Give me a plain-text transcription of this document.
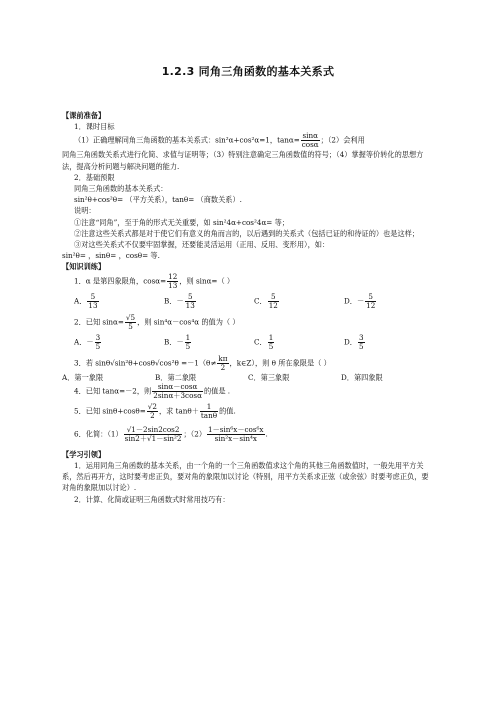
1.2.3 同角三角函数的基本关系式

【课前准备】

1．课时目标

（1）正确理解同角三角函数的基本关系式：sin²α+cos²α=1，$\tan\alpha= \frac{\sin\alpha}{\cos\alpha}$ ；（2）会利用

同角三角函数关系式进行化简、求值与证明等；（3）特别注意确定三角函数值的符号；（4）掌握等价转化的思想方法，提高分析问题与解决问题的能力.

2．基础预限

同角三角函数的基本关系式：

sin²θ+cos²θ= （平方关系），tanθ= （商数关系）.

说明：

①注意“同角”，至于角的形式无关重要，如 sin²4α+cos²4α= 等；

②注意这些关系式都是对于使它们有意义的角而言的，以后遇到的关系式（包括已证的和待证的）也是这样；

③对这些关系式不仅要牢固掌握，还要能灵活运用（正用、反用、变形用），如：

sin²θ= ，sinθ= ，cosθ= 等.

【知识训练】

1．α 是第四象限角，$\cos\alpha= \frac{12}{13}$ ，则 sinα=（ ）

A． $\frac{5}{13}$	B．－ $\frac{5}{13}$	C． $\frac{5}{12}$	D．－ $\frac{5}{12}$

2．已知 $\sin\alpha= \frac{√5}{5}$ ，则 sin⁴α－cos⁴α 的值为（ ）

A．－ $\frac{3}{5}$	B．－ $\frac{1}{5}$	C． $\frac{1}{5}$	D． $\frac{3}{5}$

3．若 $\sin\theta√\sin^2\theta+\cos\theta√\cos^2\theta =-1(\theta\ne \frac{k\pi}{2}$ ，k∈Z），则 θ 所在象限是（ ）

A．第一象限	B．第二象限	C．第三象限	D．第四象限

4．已知 tanα=－2，则 $\frac{\sin\alpha-\cos\alpha}{2\sin\alpha+3\cos\alpha}$ 的值是 .

5．已知 $\sin\theta+\cos\theta= \frac{√2}{2}$ ，求 $\tan\theta+ \frac{1}{\tan\theta}$ 的值.

6．化简：$(1) \frac{√1-2\sin 2\cos 2}{\text{sin2＋√1－sin²2}}$ ；$(2) \frac{\text{1－sin⁶x－cos⁶x}}{\text{sin²x－sin⁴x}}$ .

【学习引领】

1．运用同角三角函数的基本关系，由一个角的一个三角函数值求这个角的其他三角函数值时，一般先用平方关系，然后再开方，这时要考虑正负，要对角的象限加以讨论（特别，用平方关系求正弦（或余弦）时要考虑正负，要对角的象限加以讨论）.

2．计算、化简或证明三角函数式时常用技巧有：
